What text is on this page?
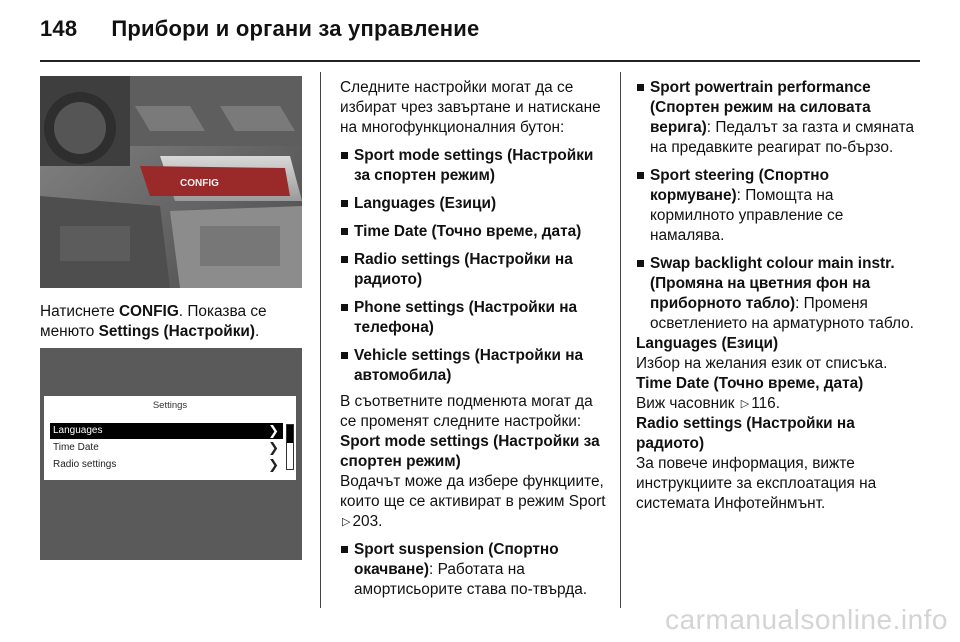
148 Прибори и органи за управление
CONFIG

Натиснете CONFIG. Показва се менюто Settings (Настройки).

Settings
Languages	❯
Time Date	❯
Radio settings	❯

Следните настройки могат да се избират чрез завъртане и натискане на многофункционалния бутон:

Sport mode settings (Настройки за спортен режим)
Languages (Езици)
Time Date (Точно време, дата)
Radio settings (Настройки на радиото)
Phone settings (Настройки на телефона)
Vehicle settings (Настройки на автомобила)

В съответните подменюта могат да се променят следните настройки:

Sport mode settings (Настройки за спортен режим)

Водачът може да избере функциите, които ще се активират в режим Sport ▷ 203.

Sport suspension (Спортно окачване): Работата на амортисьорите става по-твърда.
Sport powertrain performance (Спортен режим на силовата верига): Педалът за газта и смяната на предавките реагират по-бързо.
Sport steering (Спортно кормуване): Помощта на кормилното управление се намалява.
Swap backlight colour main instr. (Промяна на цветния фон на приборното табло): Променя осветлението на арматурното табло.

Languages (Езици)

Избор на желания език от списъка.

Time Date (Точно време, дата)

Виж часовник ▷ 116.

Radio settings (Настройки на радиото)

За повече информация, вижте инструкциите за експлоатация на системата Инфотейнмънт.

carmanualsonline.info
